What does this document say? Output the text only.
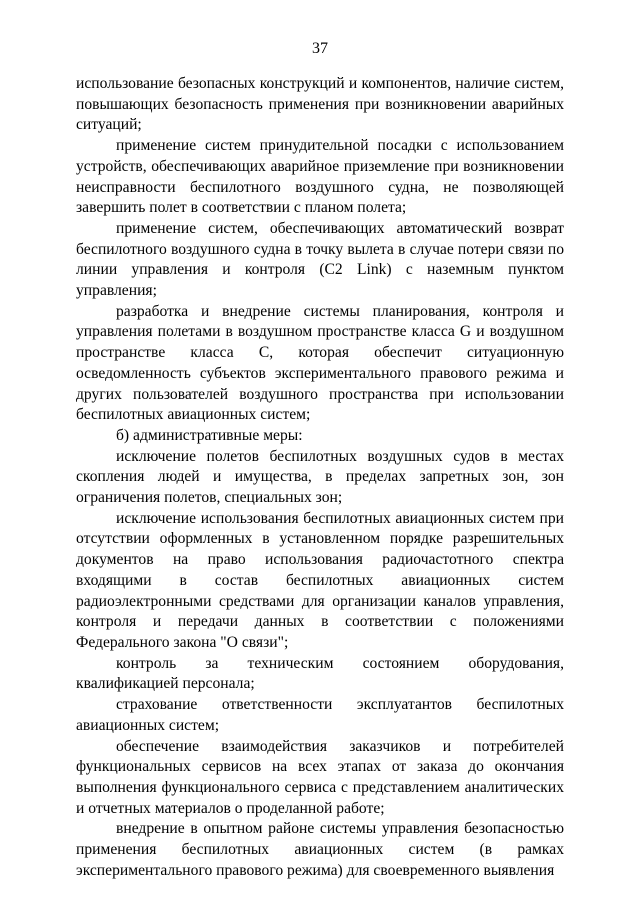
37

использование безопасных конструкций и компонентов, наличие систем, повышающих безопасность применения при возникновении аварийных ситуаций;

применение систем принудительной посадки с использованием устройств, обеспечивающих аварийное приземление при возникновении неисправности беспилотного воздушного судна, не позволяющей завершить полет в соответствии с планом полета;

применение систем, обеспечивающих автоматический возврат беспилотного воздушного судна в точку вылета в случае потери связи по линии управления и контроля (C2 Link) с наземным пунктом управления;

разработка и внедрение системы планирования, контроля и управления полетами в воздушном пространстве класса G и воздушном пространстве класса C, которая обеспечит ситуационную осведомленность субъектов экспериментального правового режима и других пользователей воздушного пространства при использовании беспилотных авиационных систем;

б) административные меры:

исключение полетов беспилотных воздушных судов в местах скопления людей и имущества, в пределах запретных зон, зон ограничения полетов, специальных зон;

исключение использования беспилотных авиационных систем при отсутствии оформленных в установленном порядке разрешительных документов на право использования радиочастотного спектра входящими в состав беспилотных авиационных систем радиоэлектронными средствами для организации каналов управления, контроля и передачи данных в соответствии с положениями Федерального закона "О связи";

контроль за техническим состоянием оборудования, квалификацией персонала;

страхование ответственности эксплуатантов беспилотных авиационных систем;

обеспечение взаимодействия заказчиков и потребителей функциональных сервисов на всех этапах от заказа до окончания выполнения функционального сервиса с представлением аналитических и отчетных материалов о проделанной работе;

внедрение в опытном районе системы управления безопасностью применения беспилотных авиационных систем (в рамках экспериментального правового режима) для своевременного выявления
